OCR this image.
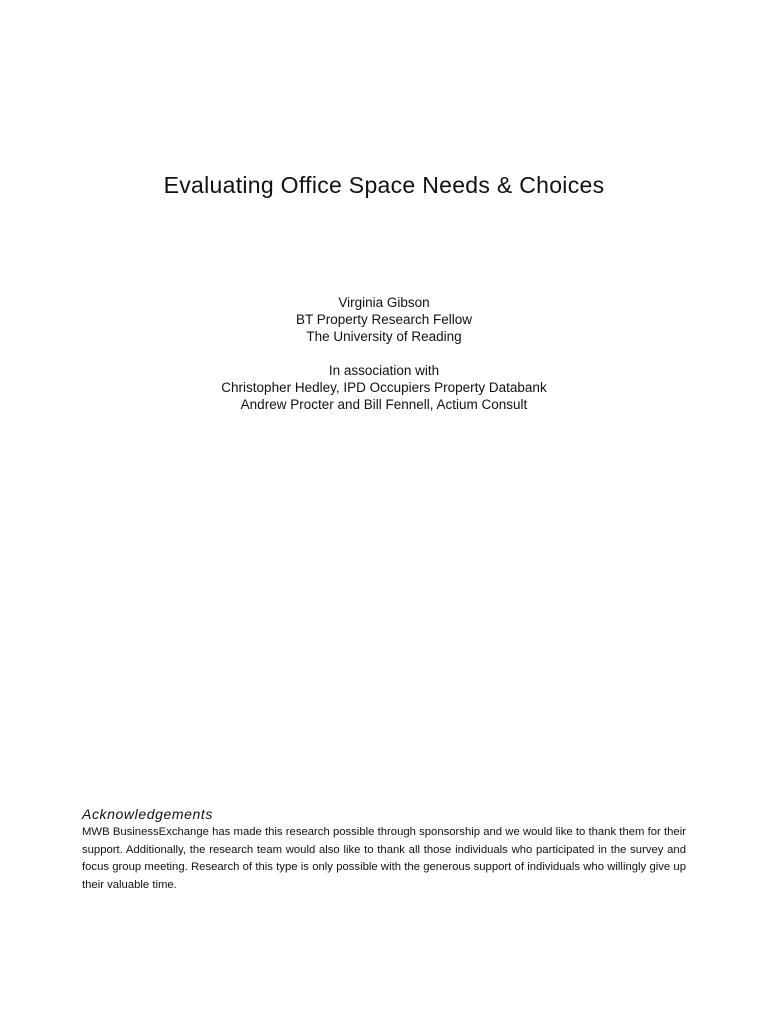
Evaluating Office Space Needs & Choices
Virginia Gibson
BT Property Research Fellow
The University of Reading
In association with
Christopher Hedley, IPD Occupiers Property Databank
Andrew Procter and Bill Fennell, Actium Consult
Acknowledgements

MWB BusinessExchange has made this research possible through sponsorship and we would like to thank them for their support. Additionally, the research team would also like to thank all those individuals who participated in the survey and focus group meeting. Research of this type is only possible with the generous support of individuals who willingly give up their valuable time.
